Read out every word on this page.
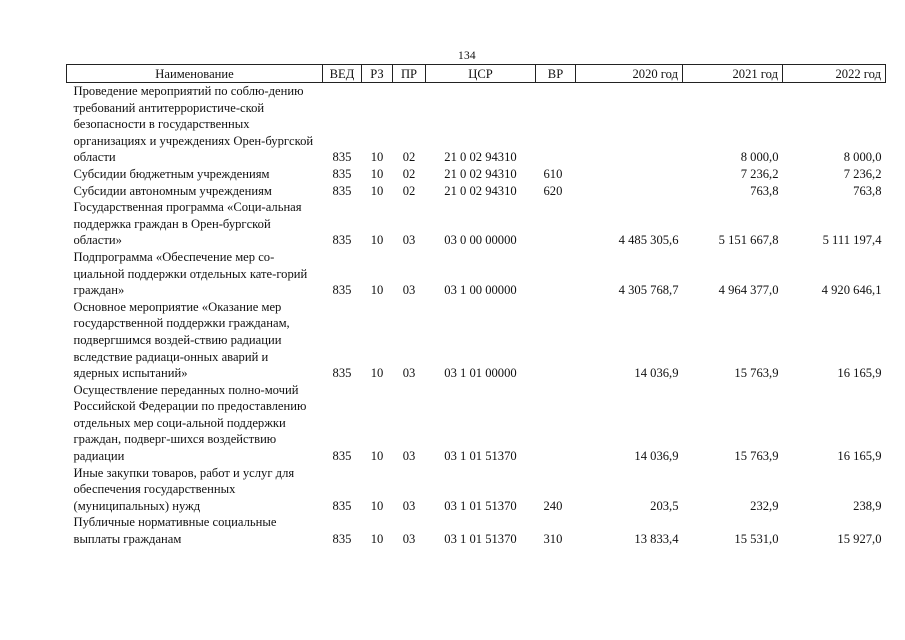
134
Наименование	ВЕД	РЗ	ПР	ЦСР	ВР	2020 год	2021 год	2022 год
Проведение мероприятий по соблю-дению требований антитеррористиче-ской безопасности в государственных организациях и учреждениях Орен-бургской области	835	10	02	21 0 02 94310			8 000,0	8 000,0
Субсидии бюджетным учреждениям	835	10	02	21 0 02 94310	610		7 236,2	7 236,2
Субсидии автономным учреждениям	835	10	02	21 0 02 94310	620		763,8	763,8
Государственная программа «Соци-альная поддержка граждан в Орен-бургской области»	835	10	03	03 0 00 00000		4 485 305,6	5 151 667,8	5 111 197,4
Подпрограмма «Обеспечение мер со-циальной поддержки отдельных кате-горий граждан»	835	10	03	03 1 00 00000		4 305 768,7	4 964 377,0	4 920 646,1
Основное мероприятие «Оказание мер государственной поддержки гражданам, подвергшимся воздей-ствию радиации вследствие радиаци-онных аварий и ядерных испытаний»	835	10	03	03 1 01 00000		14 036,9	15 763,9	16 165,9
Осуществление переданных полно-мочий Российской Федерации по предоставлению отдельных мер соци-альной поддержки граждан, подверг-шихся воздействию радиации	835	10	03	03 1 01 51370		14 036,9	15 763,9	16 165,9
Иные закупки товаров, работ и услуг для обеспечения государственных (муниципальных) нужд	835	10	03	03 1 01 51370	240	203,5	232,9	238,9
Публичные нормативные социальные выплаты гражданам	835	10	03	03 1 01 51370	310	13 833,4	15 531,0	15 927,0
